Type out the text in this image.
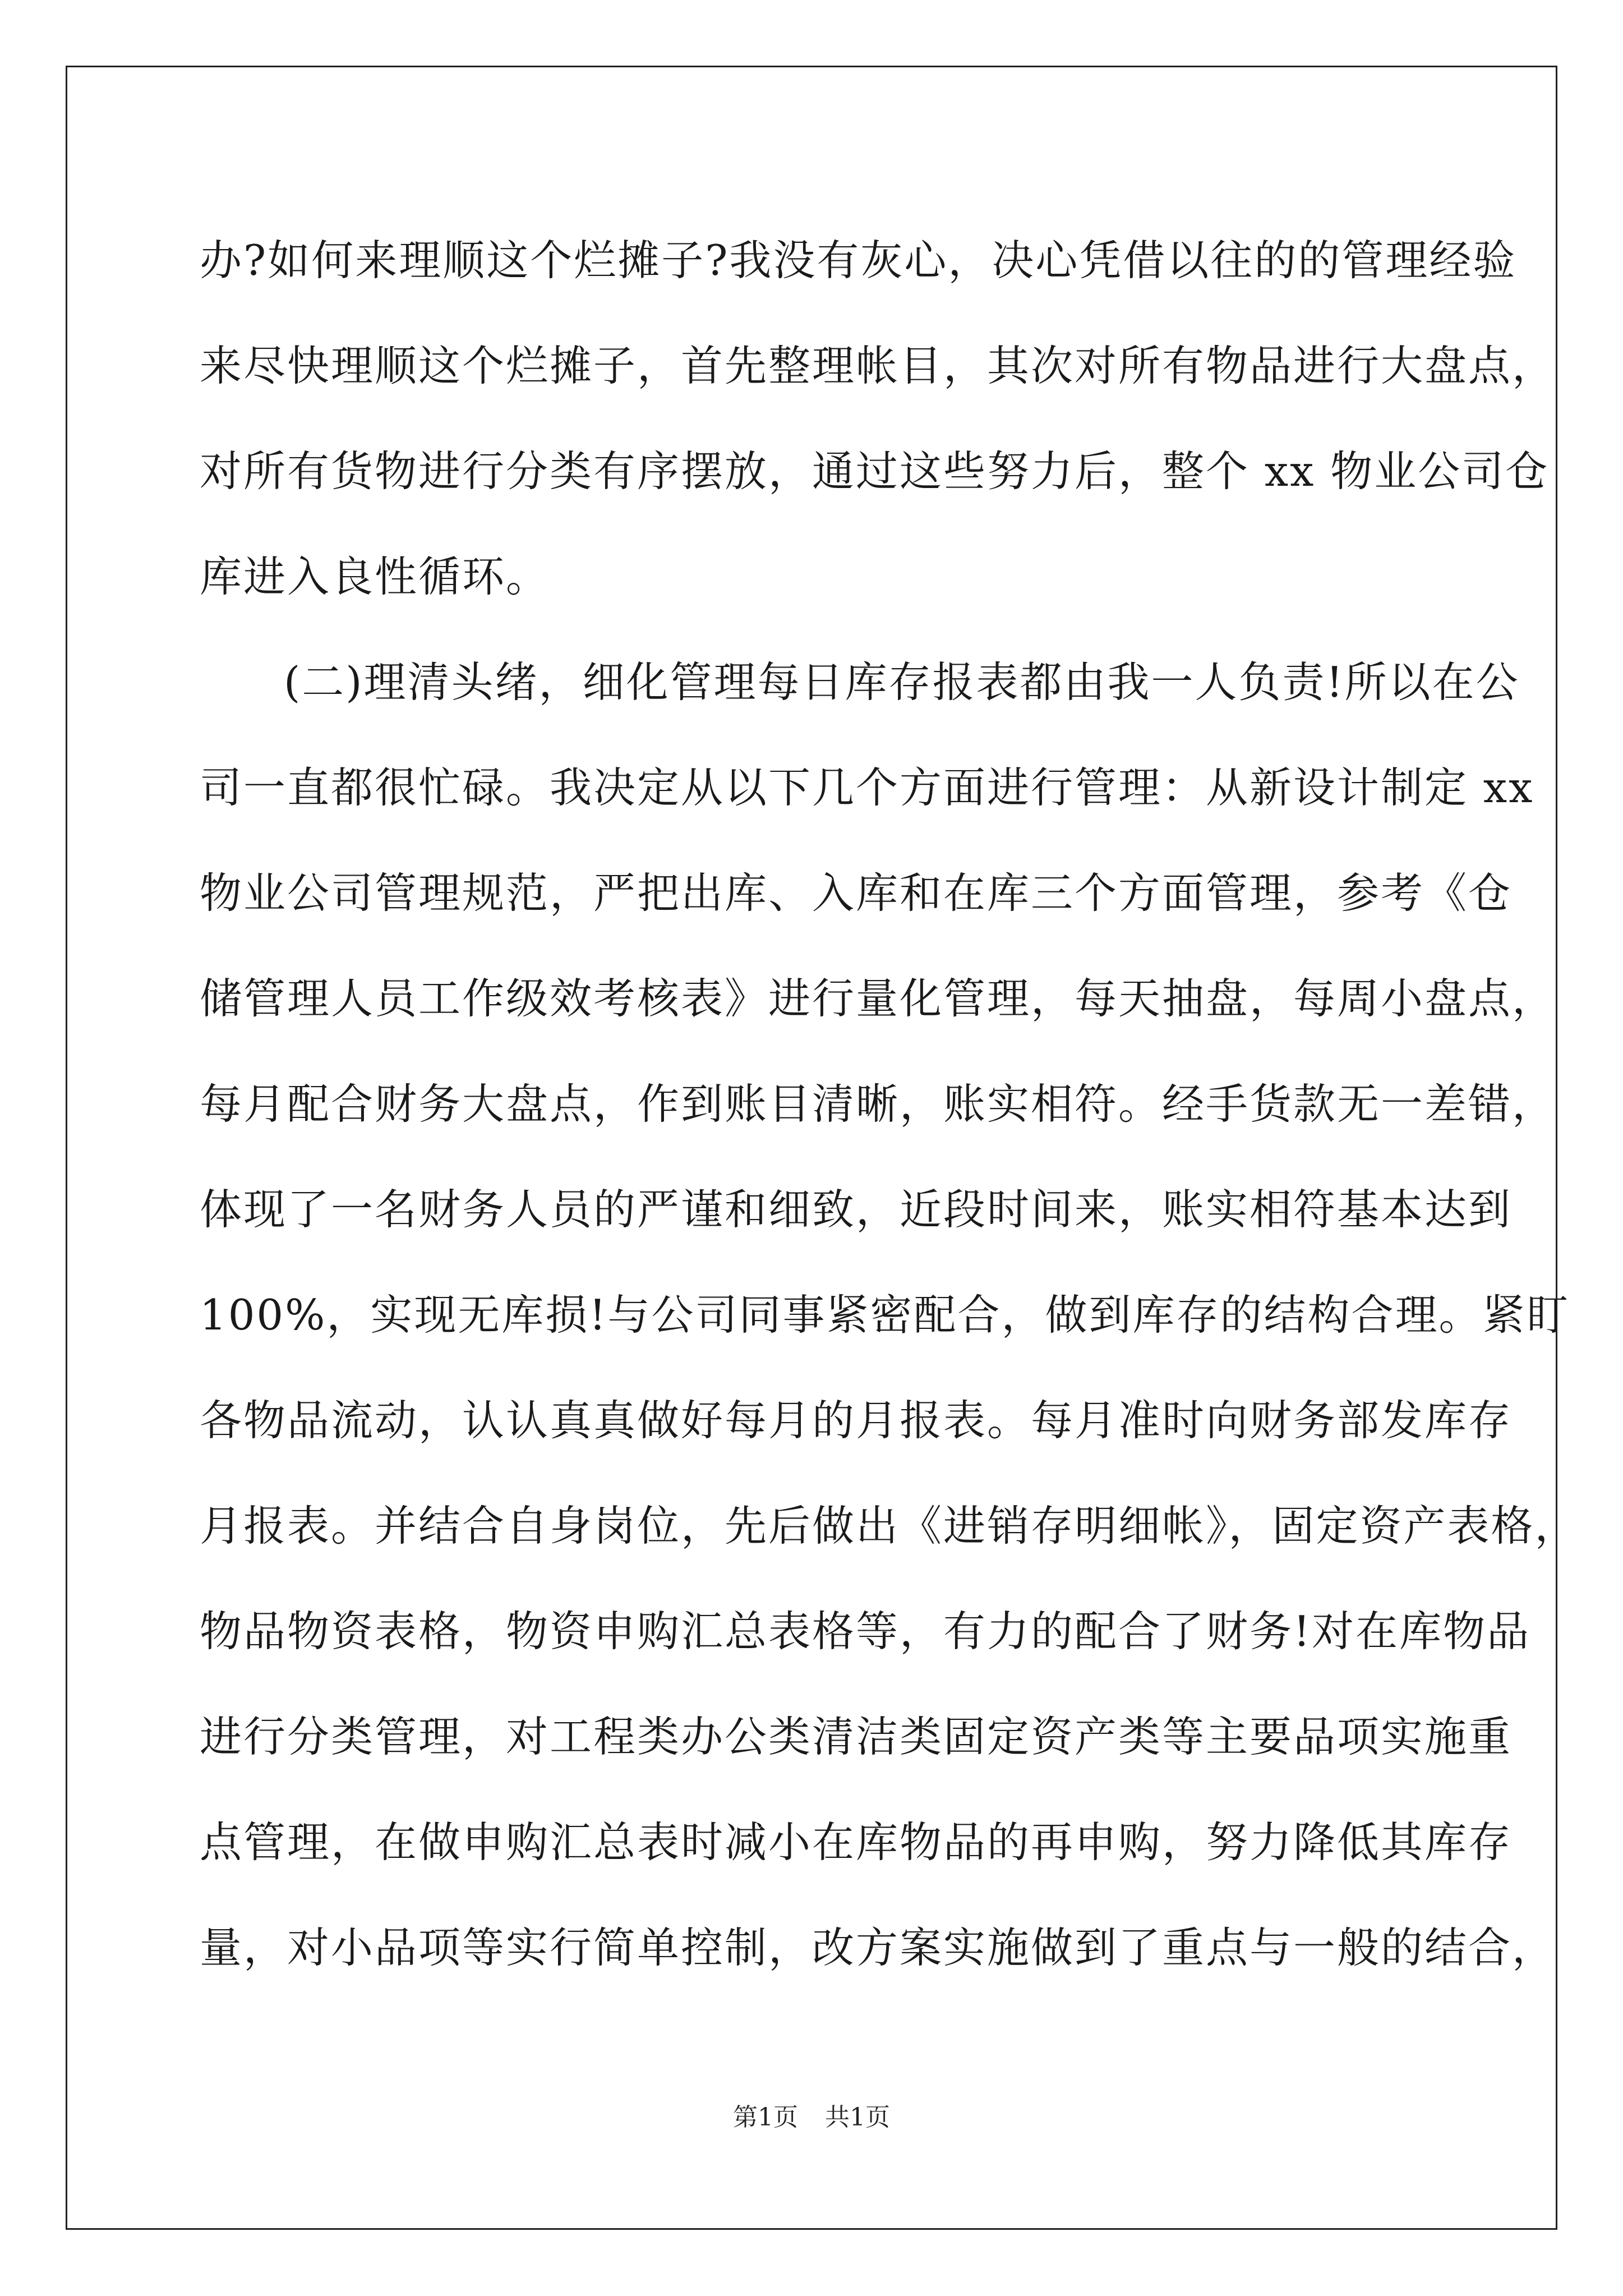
办?如何来理顺这个烂摊子?我没有灰心，决心凭借以往的的管理经验
来尽快理顺这个烂摊子，首先整理帐目，其次对所有物品进行大盘点，
对所有货物进行分类有序摆放，通过这些努力后，整个 xx 物业公司仓
库进入良性循环。
(二)理清头绪，细化管理每日库存报表都由我一人负责!所以在公
司一直都很忙碌。我决定从以下几个方面进行管理：从新设计制定 xx
物业公司管理规范，严把出库、入库和在库三个方面管理，参考《仓
储管理人员工作级效考核表》进行量化管理，每天抽盘，每周小盘点，
每月配合财务大盘点，作到账目清晰，账实相符。经手货款无一差错，
体现了一名财务人员的严谨和细致，近段时间来，账实相符基本达到
100%，实现无库损!与公司同事紧密配合，做到库存的结构合理。紧盯
各物品流动，认认真真做好每月的月报表。每月准时向财务部发库存
月报表。并结合自身岗位，先后做出《进销存明细帐》，固定资产表格，
物品物资表格，物资申购汇总表格等，有力的配合了财务!对在库物品
进行分类管理，对工程类办公类清洁类固定资产类等主要品项实施重
点管理，在做申购汇总表时减小在库物品的再申购，努力降低其库存
量，对小品项等实行简单控制，改方案实施做到了重点与一般的结合，
第1页 共1页
